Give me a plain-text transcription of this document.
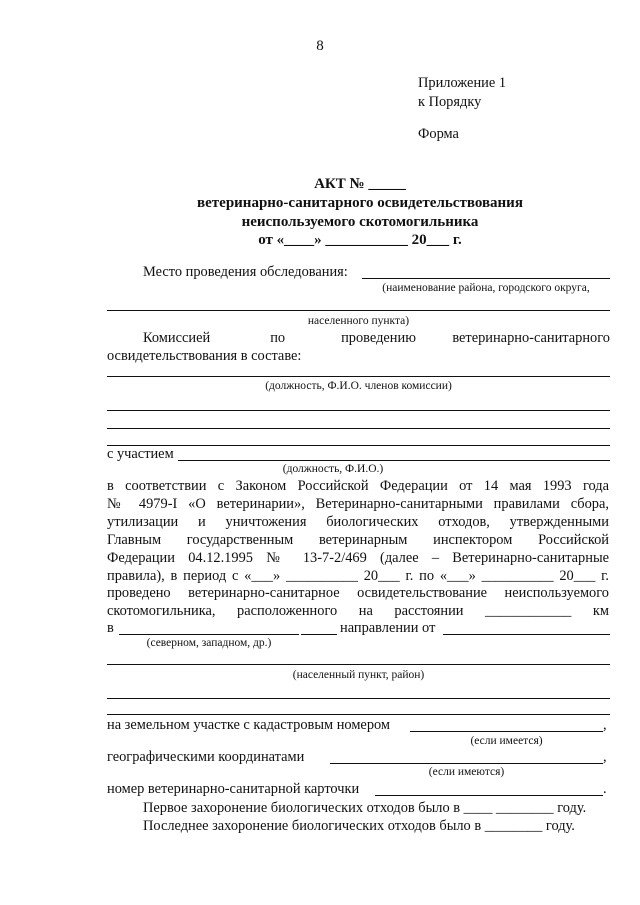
8
Приложение 1
к Порядку
Форма
АКТ № _____
ветеринарно-санитарного освидетельствования
неиспользуемого скотомогильника
от «____» ___________ 20___ г.
Место проведения обследования:
(наименование района, городского округа,
населенного пункта)
Комиссией	по	проведению	ветеринарно-санитарного
освидетельствования в составе:
(должность, Ф.И.О. членов комиссии)
с участием
(должность, Ф.И.О.)
в соответствии с Законом Российской Федерации от 14 мая 1993 года
№ 4979-I «О ветеринарии», Ветеринарно-санитарными правилами сбора,
утилизации и уничтожения биологических отходов, утвержденными
Главным государственным ветеринарным инспектором Российской
Федерации 04.12.1995 № 13-7-2/469 (далее – Ветеринарно-санитарные
правила), в период с «___» __________ 20___ г. по «___» __________ 20___ г.
проведено ветеринарно-санитарное освидетельствование неиспользуемого
скотомогильника, расположенного на расстоянии ____________ км
в	направлении от
(северном, западном, др.)
(населенный пункт, район)
на земельном участке с кадастровым номером	,
(если имеется)
географическими координатами	,
(если имеются)
номер ветеринарно-санитарной карточки	.
Первое захоронение биологических отходов было в ____ ________ году.
Последнее захоронение биологических отходов было в ________ году.
